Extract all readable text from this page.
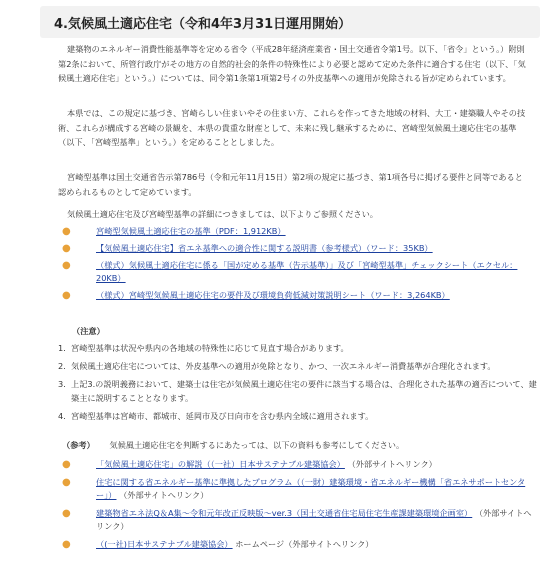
4.気候風土適応住宅（令和4年3月31日運用開始）

建築物のエネルギー消費性能基準等を定める省令（平成28年経済産業省・国土交通省令第1号。以下、「省令」という。）附則第2条において、所管行政庁がその地方の自然的社会的条件の特殊性により必要と認めて定めた条件に適合する住宅（以下、「気候風土適応住宅」という。）については、同令第1条第1項第2号イの外皮基準への適用が免除される旨が定められています。

本県では、この規定に基づき、宮崎らしい住まいやその住まい方、これらを作ってきた地域の材料、大工・建築職人やその技術、これらが構成する宮崎の景観を、本県の貴重な財産として、未来に残し継承するために、宮崎型気候風土適応住宅の基準（以下、「宮崎型基準」という。）を定めることとしました。

宮崎型基準は国土交通省告示第786号（令和元年11月15日）第2項の規定に基づき、第1項各号に掲げる要件と同等であると認められるものとして定めています。

気候風土適応住宅及び宮崎型基準の詳細につきましては、以下よりご参照ください。

●	宮崎型気候風土適応住宅の基準（PDF：1,912KB）
●	【気候風土適応住宅】省エネ基準への適合性に関する説明書（参考様式）（ワード：35KB）
●	（様式）気候風土適応住宅に係る「国が定める基準（告示基準）」及び「宮崎型基準」チェックシート（エクセル：20KB）
●	（様式）宮崎型気候風土適応住宅の要件及び環境負荷低減対策説明シート（ワード：3,264KB）
（注意）
1. 宮崎型基準は状況や県内の各地域の特殊性に応じて見直す場合があります。
2. 気候風土適応住宅については、外皮基準への適用が免除となり、かつ、一次エネルギー消費基準が合理化されます。
3. 上記3.の説明義務において、建築士は住宅が気候風土適応住宅の要件に該当する場合は、合理化された基準の適否について、建築主に説明することとなります。
4. 宮崎型基準は宮崎市、都城市、延岡市及び日向市を含む県内全域に適用されます。
（参考） 気候風土適応住宅を判断するにあたっては、以下の資料も参考にしてください。
●	「気候風土適応住宅」の解説（（一社）日本サステナブル建築協会） （外部サイトへリンク）
●	住宅に関する省エネルギー基準に準拠したプログラム（（一財）建築環境・省エネルギー機構「省エネサポートセンター」） （外部サイトへリンク）
●	建築物省エネ法Q＆A集～令和元年改正反映版～ver.3（国土交通省住宅局住宅生産課建築環境企画室） （外部サイトへリンク）
●	（(一社)日本サステナブル建築協会） ホームページ（外部サイトへリンク）
